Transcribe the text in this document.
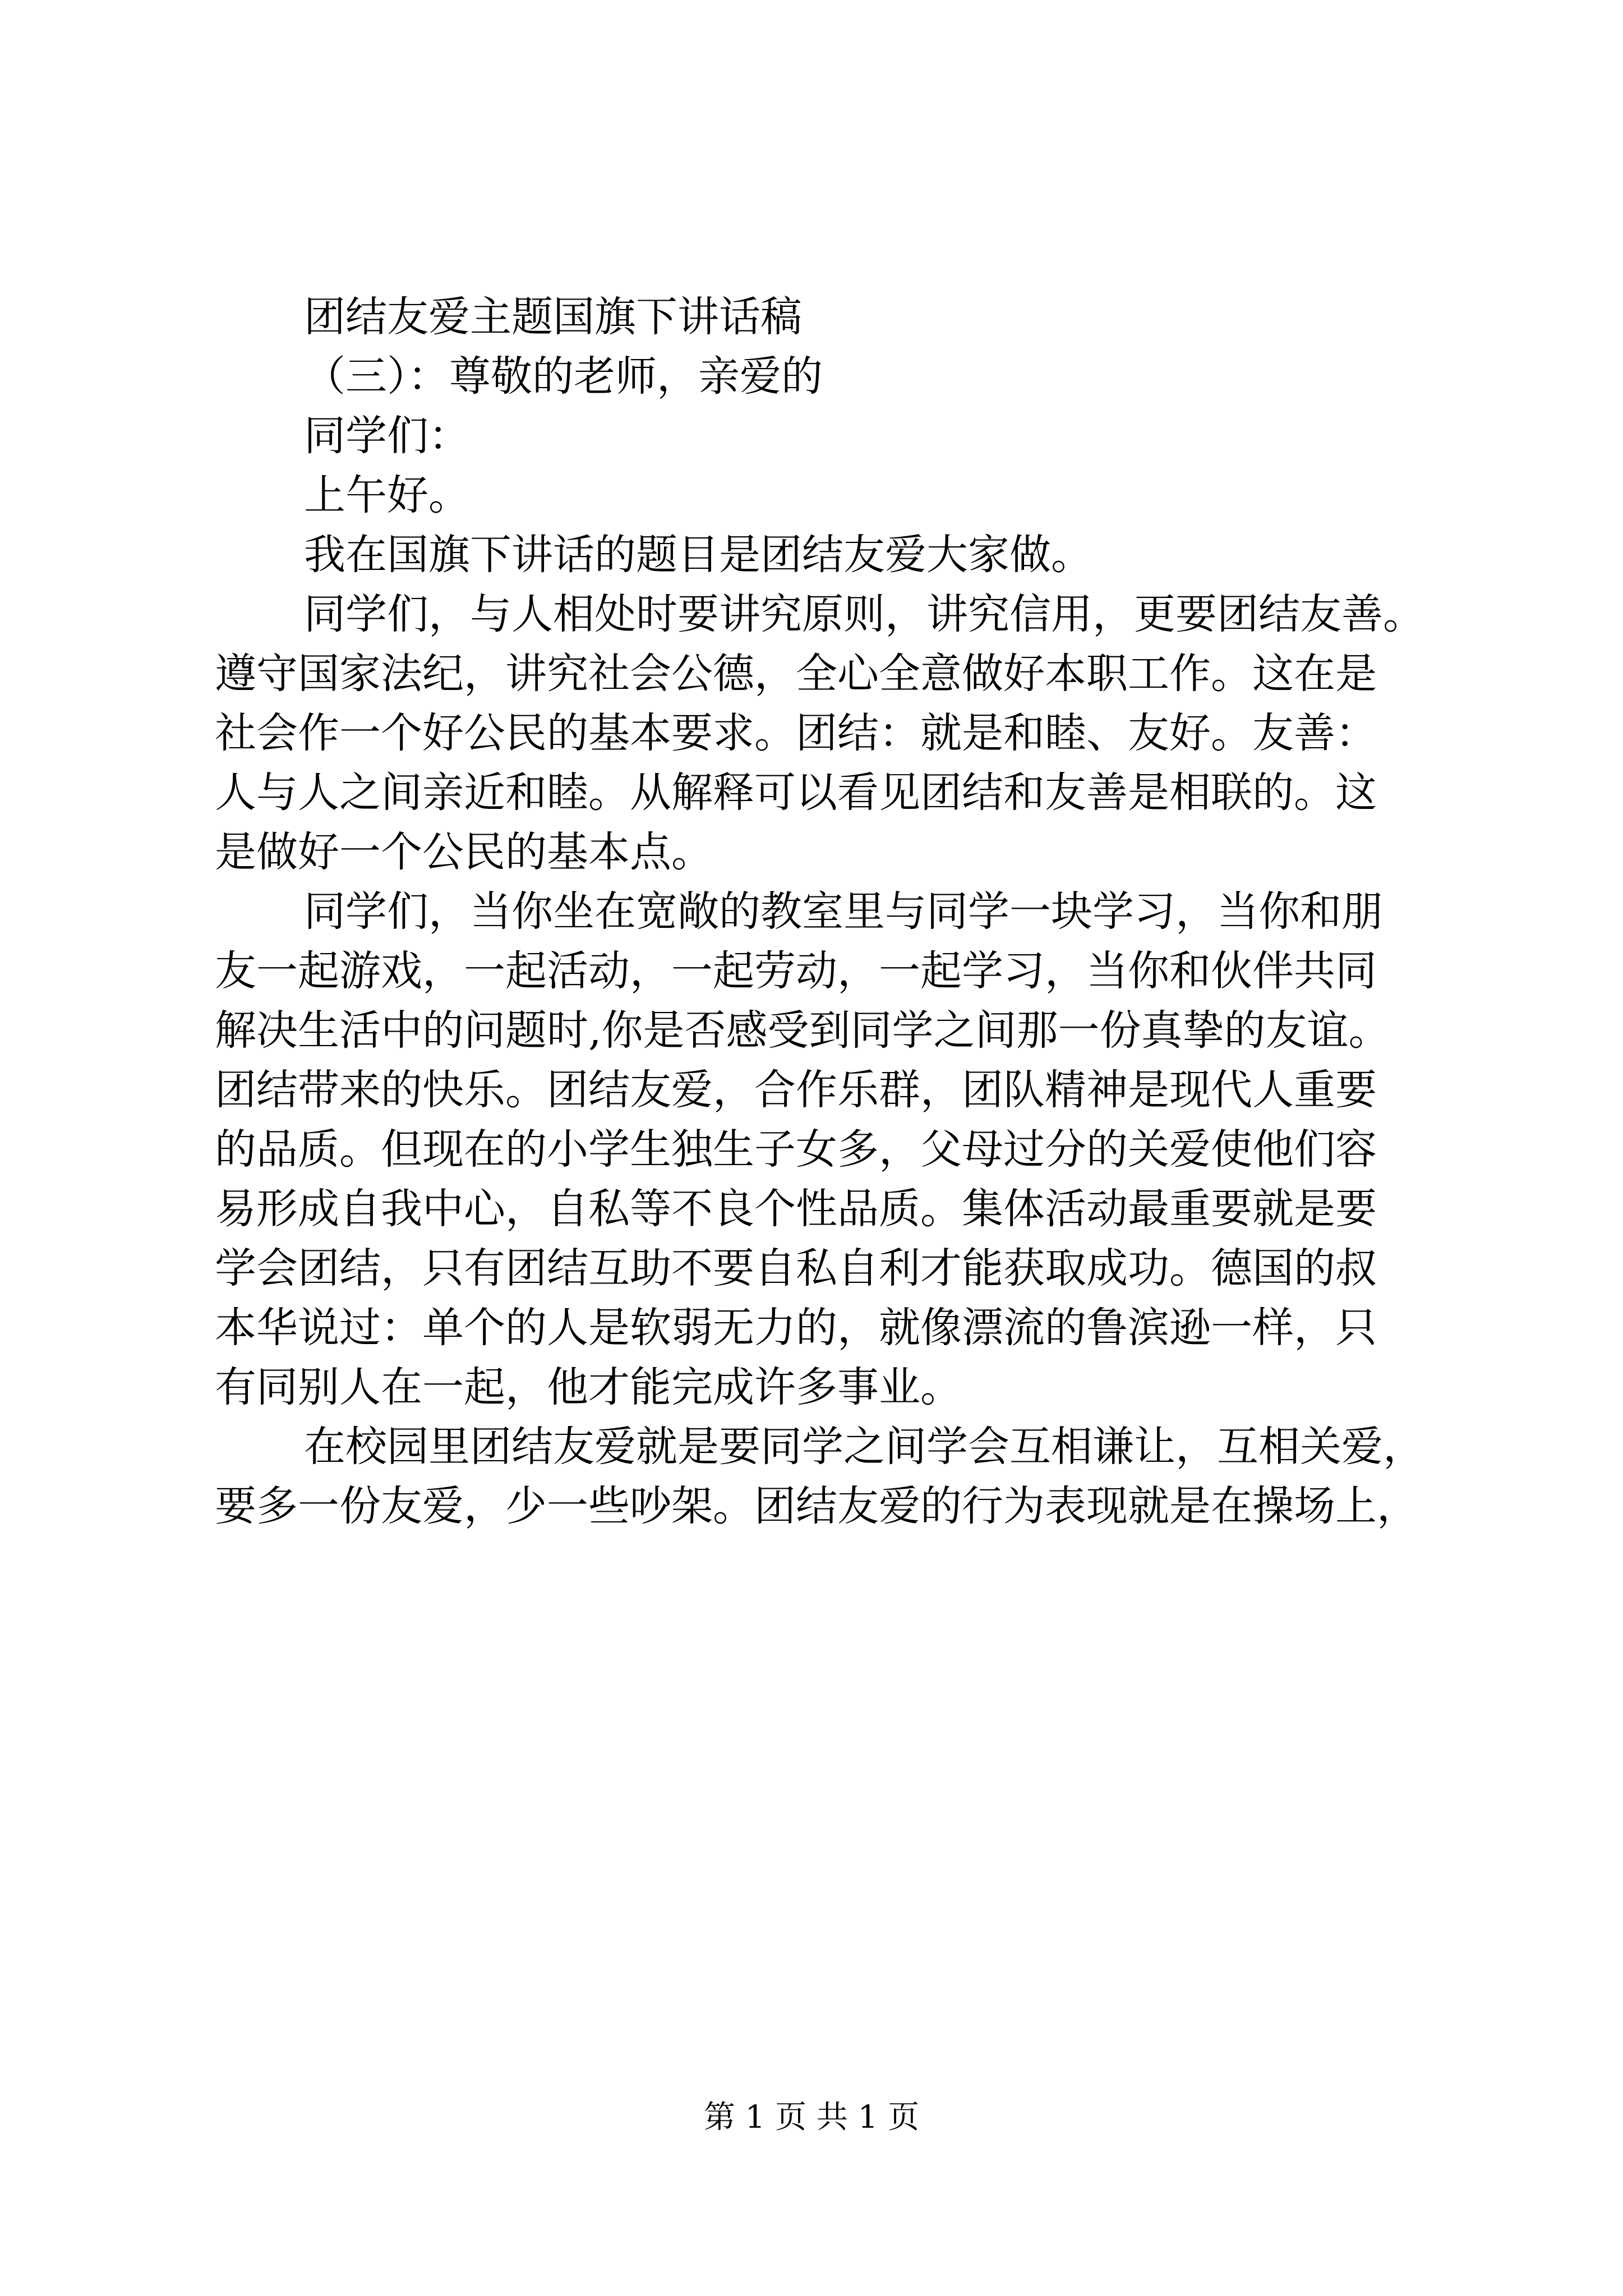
团结友爱主题国旗下讲话稿
（三）：尊敬的老师，亲爱的
同学们：
上午好。
我在国旗下讲话的题目是团结友爱大家做。
同学们，与人相处时要讲究原则，讲究信用，更要团结友善。
遵守国家法纪，讲究社会公德，全心全意做好本职工作。这在是
社会作一个好公民的基本要求。团结：就是和睦、友好。友善：
人与人之间亲近和睦。从解释可以看见团结和友善是相联的。这
是做好一个公民的基本点。
同学们，当你坐在宽敞的教室里与同学一块学习，当你和朋
友一起游戏，一起活动，一起劳动，一起学习，当你和伙伴共同
解决生活中的问题时,你是否感受到同学之间那一份真挚的友谊。
团结带来的快乐。团结友爱，合作乐群，团队精神是现代人重要
的品质。但现在的小学生独生子女多，父母过分的关爱使他们容
易形成自我中心，自私等不良个性品质。集体活动最重要就是要
学会团结，只有团结互助不要自私自利才能获取成功。德国的叔
本华说过：单个的人是软弱无力的，就像漂流的鲁滨逊一样，只
有同别人在一起，他才能完成许多事业。
在校园里团结友爱就是要同学之间学会互相谦让，互相关爱，
要多一份友爱，少一些吵架。团结友爱的行为表现就是在操场上，
第 1 页 共 1 页
